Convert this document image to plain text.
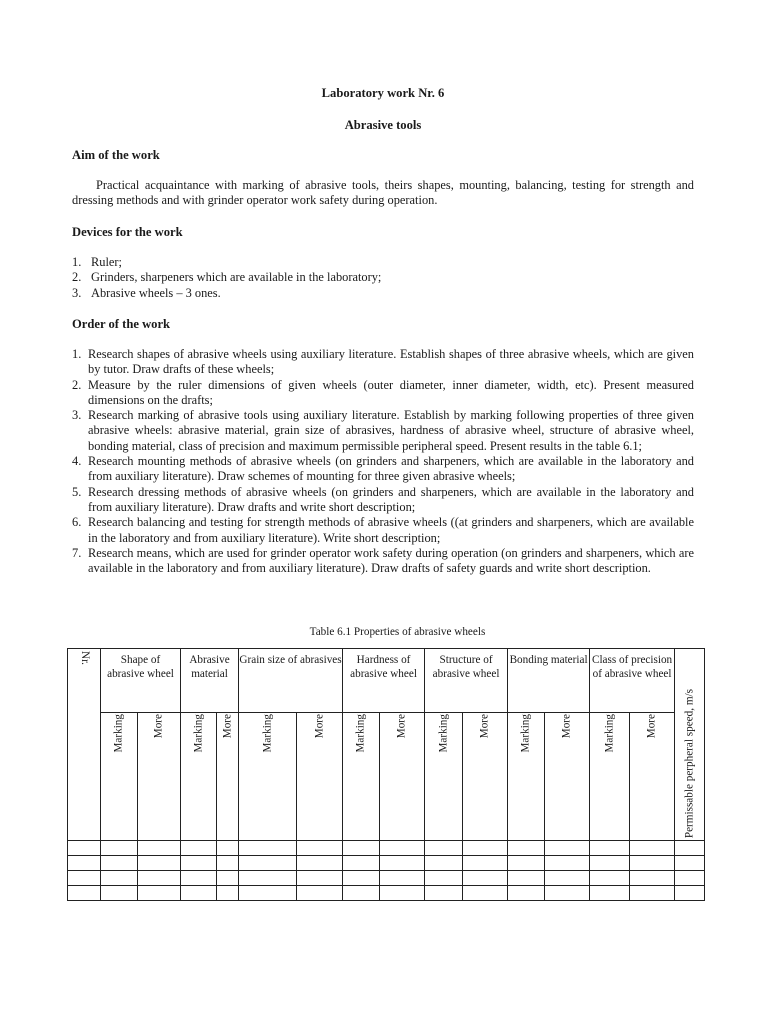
Laboratory work Nr. 6
Abrasive tools
Aim of the work
Practical acquaintance with marking of abrasive tools, theirs shapes, mounting, balancing, testing for strength and dressing methods and with grinder operator work safety during operation.
Devices for the work
1. Ruler;
2. Grinders, sharpeners which are available in the laboratory;
3. Abrasive wheels – 3 ones.
Order of the work
1. Research shapes of abrasive wheels using auxiliary literature. Establish shapes of three abrasive wheels, which are given by tutor. Draw drafts of these wheels;
2. Measure by the ruler dimensions of given wheels (outer diameter, inner diameter, width, etc). Present measured dimensions on the drafts;
3. Research marking of abrasive tools using auxiliary literature. Establish by marking following properties of three given abrasive wheels: abrasive material, grain size of abrasives, hardness of abrasive wheel, structure of abrasive wheel, bonding material, class of precision and maximum permissible peripheral speed. Present results in the table 6.1;
4. Research mounting methods of abrasive wheels (on grinders and sharpeners, which are available in the laboratory and from auxiliary literature). Draw schemes of mounting for three given abrasive wheels;
5. Research dressing methods of abrasive wheels (on grinders and sharpeners, which are available in the laboratory and from auxiliary literature). Draw drafts and write short description;
6. Research balancing and testing for strength methods of abrasive wheels ((at grinders and sharpeners, which are available in the laboratory and from auxiliary literature). Write short description;
7. Research means, which are used for grinder operator work safety during operation (on grinders and sharpeners, which are available in the laboratory and from auxiliary literature). Draw drafts of safety guards and write short description.
Table 6.1 Properties of abrasive wheels
Nr.	Shape of abrasive wheel		Abrasive material		Grain size of abrasives		Hardness of abrasive wheel		Structure of abrasive wheel		Bonding material		Class of precision of abrasive wheel		Permissable perpheral speed, m/s

	Marking	More	Marking	More	Marking	More	Marking	More	Marking	More	Marking	More	Marking	More	
